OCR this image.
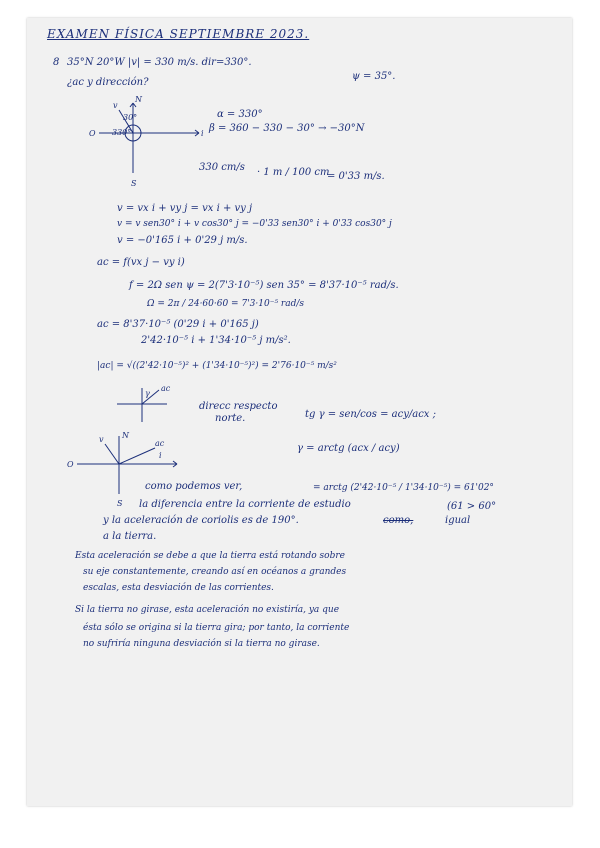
EXAMEN FÍSICA SEPTIEMBRE 2023.
8 35°N 20°W |v| = 330 m/s. dir=330°.
¿ac y dirección?
ψ = 35°.
N
O	i
S
330°
30°
v
α = 330°
β = 360 − 330 − 30° → −30°N
330 cm/s · 1 m / 100 cm
= 0'33 m/s.
v = vx i + vy j = vx i + vy j
v = v sen30° i + v cos30° j = −0'33 sen30° i + 0'33 cos30° j
v = −0'165 i + 0'29 j m/s.
ac = f(vx j − vy i)
f = 2Ω sen ψ = 2(7'3·10⁻⁵) sen 35° = 8'37·10⁻⁵ rad/s.
Ω = 2π / 24·60·60 = 7'3·10⁻⁵ rad/s
ac = 8'37·10⁻⁵ (0'29 i + 0'165 j)
2'42·10⁻⁵ i + 1'34·10⁻⁵ j m/s².
|ac| = √((2'42·10⁻⁵)² + (1'34·10⁻⁵)²) = 2'76·10⁻⁵ m/s²
ac
γ
direcc respecto
norte.	tg γ = sen/cos = acy/acx ;
γ = arctg (acx / acy)
= arctg (2'42·10⁻⁵ / 1'34·10⁻⁵) = 61'02°
N
O
S
ac
v
i
como podemos ver,
la diferencia entre la corriente de estudio	(61 > 60°
y la aceleración de coriolis es de 190°.	como,	igual
a la tierra.
Esta aceleración se debe a que la tierra está rotando sobre
su eje constantemente, creando así en océanos a grandes
escalas, esta desviación de las corrientes.
Si la tierra no girase, esta aceleración no existiría, ya que
ésta sólo se origina si la tierra gira; por tanto, la corriente
no sufriría ninguna desviación si la tierra no girase.
